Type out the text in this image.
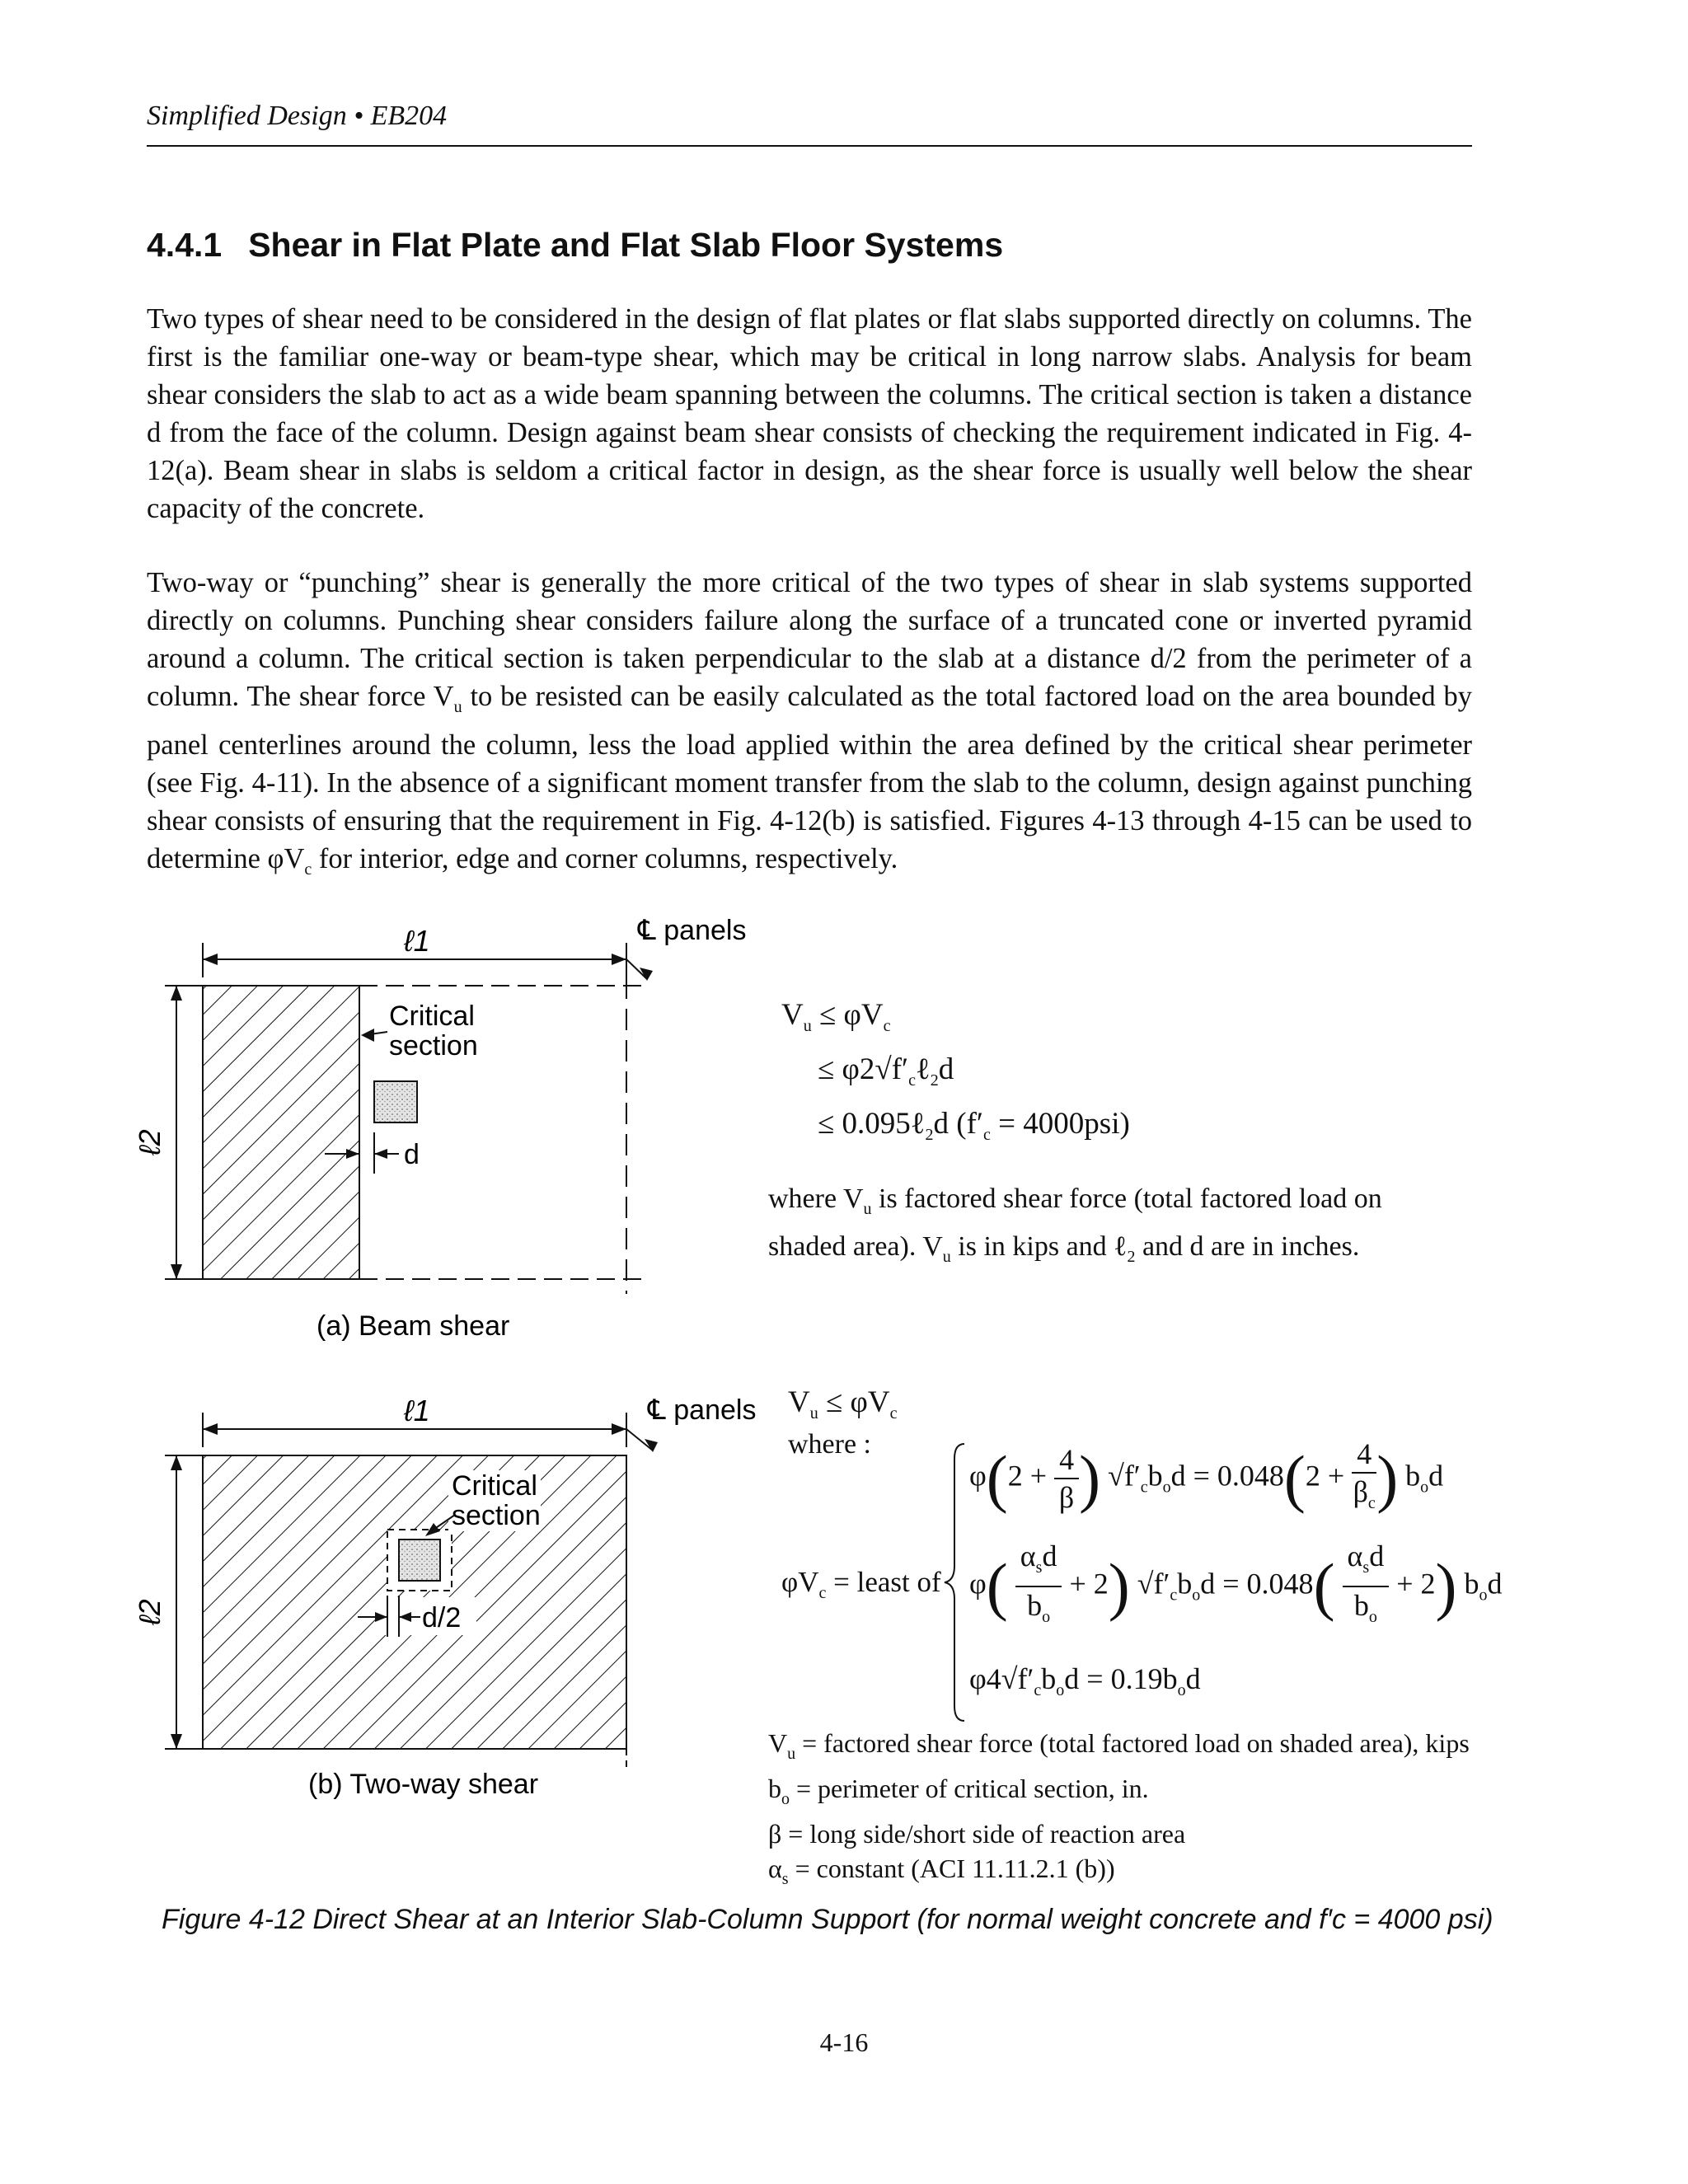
Simplified Design • EB204
4.4.1 Shear in Flat Plate and Flat Slab Floor Systems

Two types of shear need to be considered in the design of flat plates or flat slabs supported directly on columns. The first is the familiar one-way or beam-type shear, which may be critical in long narrow slabs. Analysis for beam shear considers the slab to act as a wide beam spanning between the columns. The critical section is taken a distance d from the face of the column. Design against beam shear consists of checking the requirement indicated in Fig. 4-12(a). Beam shear in slabs is seldom a critical factor in design, as the shear force is usually well below the shear capacity of the concrete.

Two-way or “punching” shear is generally the more critical of the two types of shear in slab systems supported directly on columns. Punching shear considers failure along the surface of a truncated cone or inverted pyramid around a column. The critical section is taken perpendicular to the slab at a distance d/2 from the perimeter of a column. The shear force $V_u$ to be resisted can be easily calculated as the total factored load on the area bounded by panel centerlines around the column, less the load applied within the area defined by the critical shear perimeter (see Fig. 4-11). In the absence of a significant moment transfer from the slab to the column, design against punching shear consists of ensuring that the requirement in Fig. 4-12(b) is satisfied. Figures 4-13 through 4-15 can be used to determine $\varphi V_c$ for interior, edge and corner columns, respectively.

ℓ1	℄ panels
ℓ2
Critical
section
d
(a) Beam shear
$V_u \le \varphi V_c$
≤ $\varphi 2√f'_c\ell_2d$
≤ 0.095ℓ$_2$d $(f'_c = 4000psi)$

where $V_u$ is factored shear force (total factored load on shaded area). $V_u$ is in kips and ℓ$_2$ and d are in inches.

ℓ1	℄ panels
Critical
section
d/2
ℓ2
(b) Two-way shear
$V_u \le \varphi V_c$
where :
$\varphi V_c$ = least of
$\varphi(2 + \frac{4}{\beta}$ ) $√f'_cb_od = 0.048(2 + \frac{4}{\beta_c}$ ) $b_od$
$\varphi( \frac{\alpha_sd}{b_o} + 2)$ $√f'_cb_od = 0.048( \frac{\alpha_sd}{b_o} + 2)$ $b_od$
$\varphi 4√f'_cb_od = 0.19b_od$
$V_u$ = factored shear force (total factored load on shaded area), kips
$b_o$ = perimeter of critical section, in.
β = long side/short side of reaction area
$\alpha_s$ = constant (ACI 11.11.2.1 (b))
Figure 4-12 Direct Shear at an Interior Slab-Column Support (for normal weight concrete and f′c = 4000 psi)
4-16
